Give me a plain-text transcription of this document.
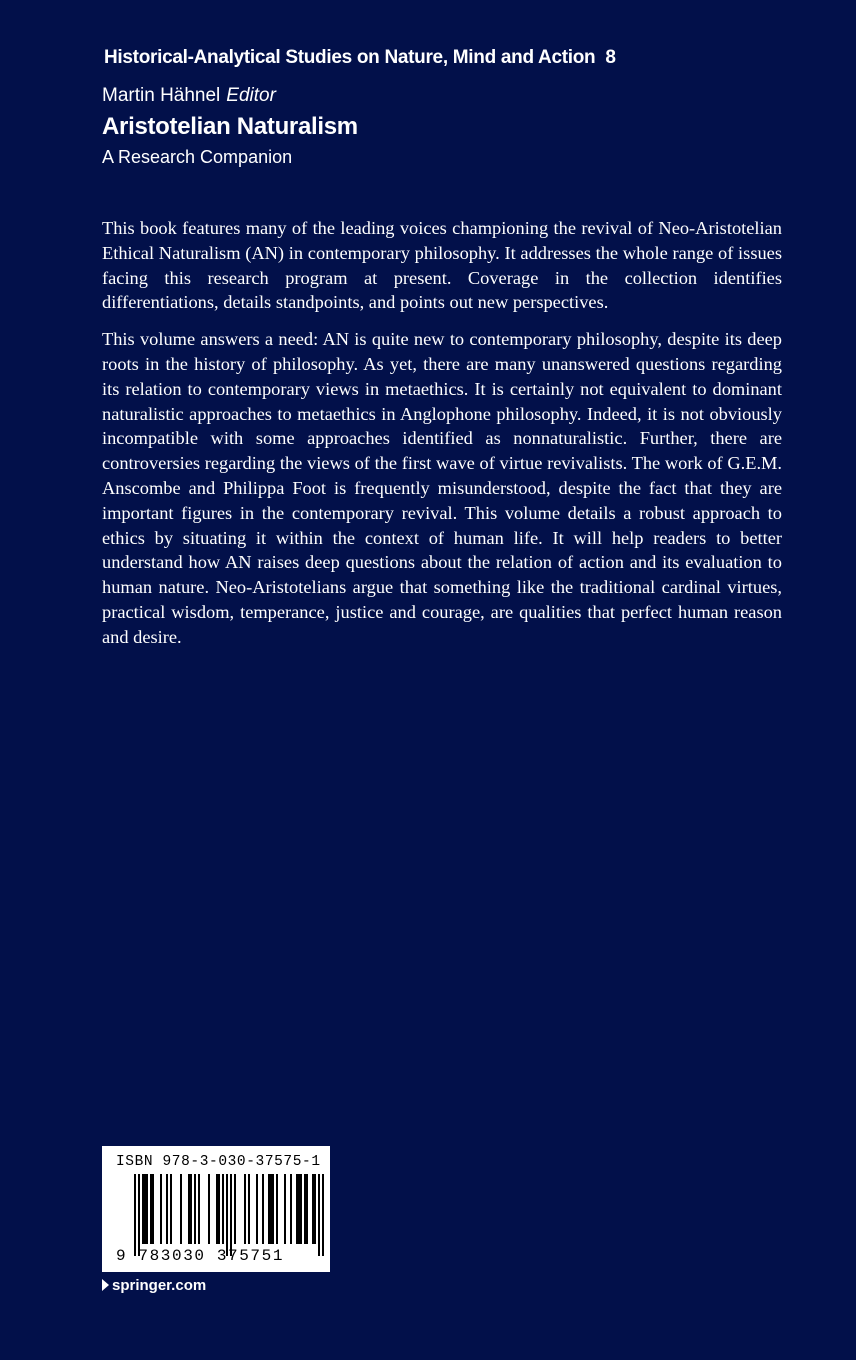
Historical-Analytical Studies on Nature, Mind and Action 8
Martin Hähnel Editor
Aristotelian Naturalism
A Research Companion

This book features many of the leading voices championing the revival of Neo-Aristotelian Ethical Naturalism (AN) in contemporary philosophy. It addresses the whole range of issues facing this research program at present. Coverage in the collection identifies differentiations, details standpoints, and points out new perspectives.

This volume answers a need: AN is quite new to contemporary philosophy, despite its deep roots in the history of philosophy. As yet, there are many unanswered questions regarding its relation to contemporary views in metaethics. It is certainly not equivalent to dominant naturalistic approaches to metaethics in Anglophone philosophy. Indeed, it is not obviously incompatible with some approaches identified as nonnaturalistic. Further, there are controversies regarding the views of the first wave of virtue revivalists. The work of G.E.M. Anscombe and Philippa Foot is frequently misunderstood, despite the fact that they are important figures in the contemporary revival. This volume details a robust approach to ethics by situating it within the context of human life. It will help readers to better understand how AN raises deep questions about the relation of action and its evaluation to human nature. Neo-Aristotelians argue that something like the traditional cardinal virtues, practical wisdom, temperance, justice and courage, are qualities that perfect human reason and desire.

ISBN 978-3-030-37575-1
9 783030 375751
springer.com
